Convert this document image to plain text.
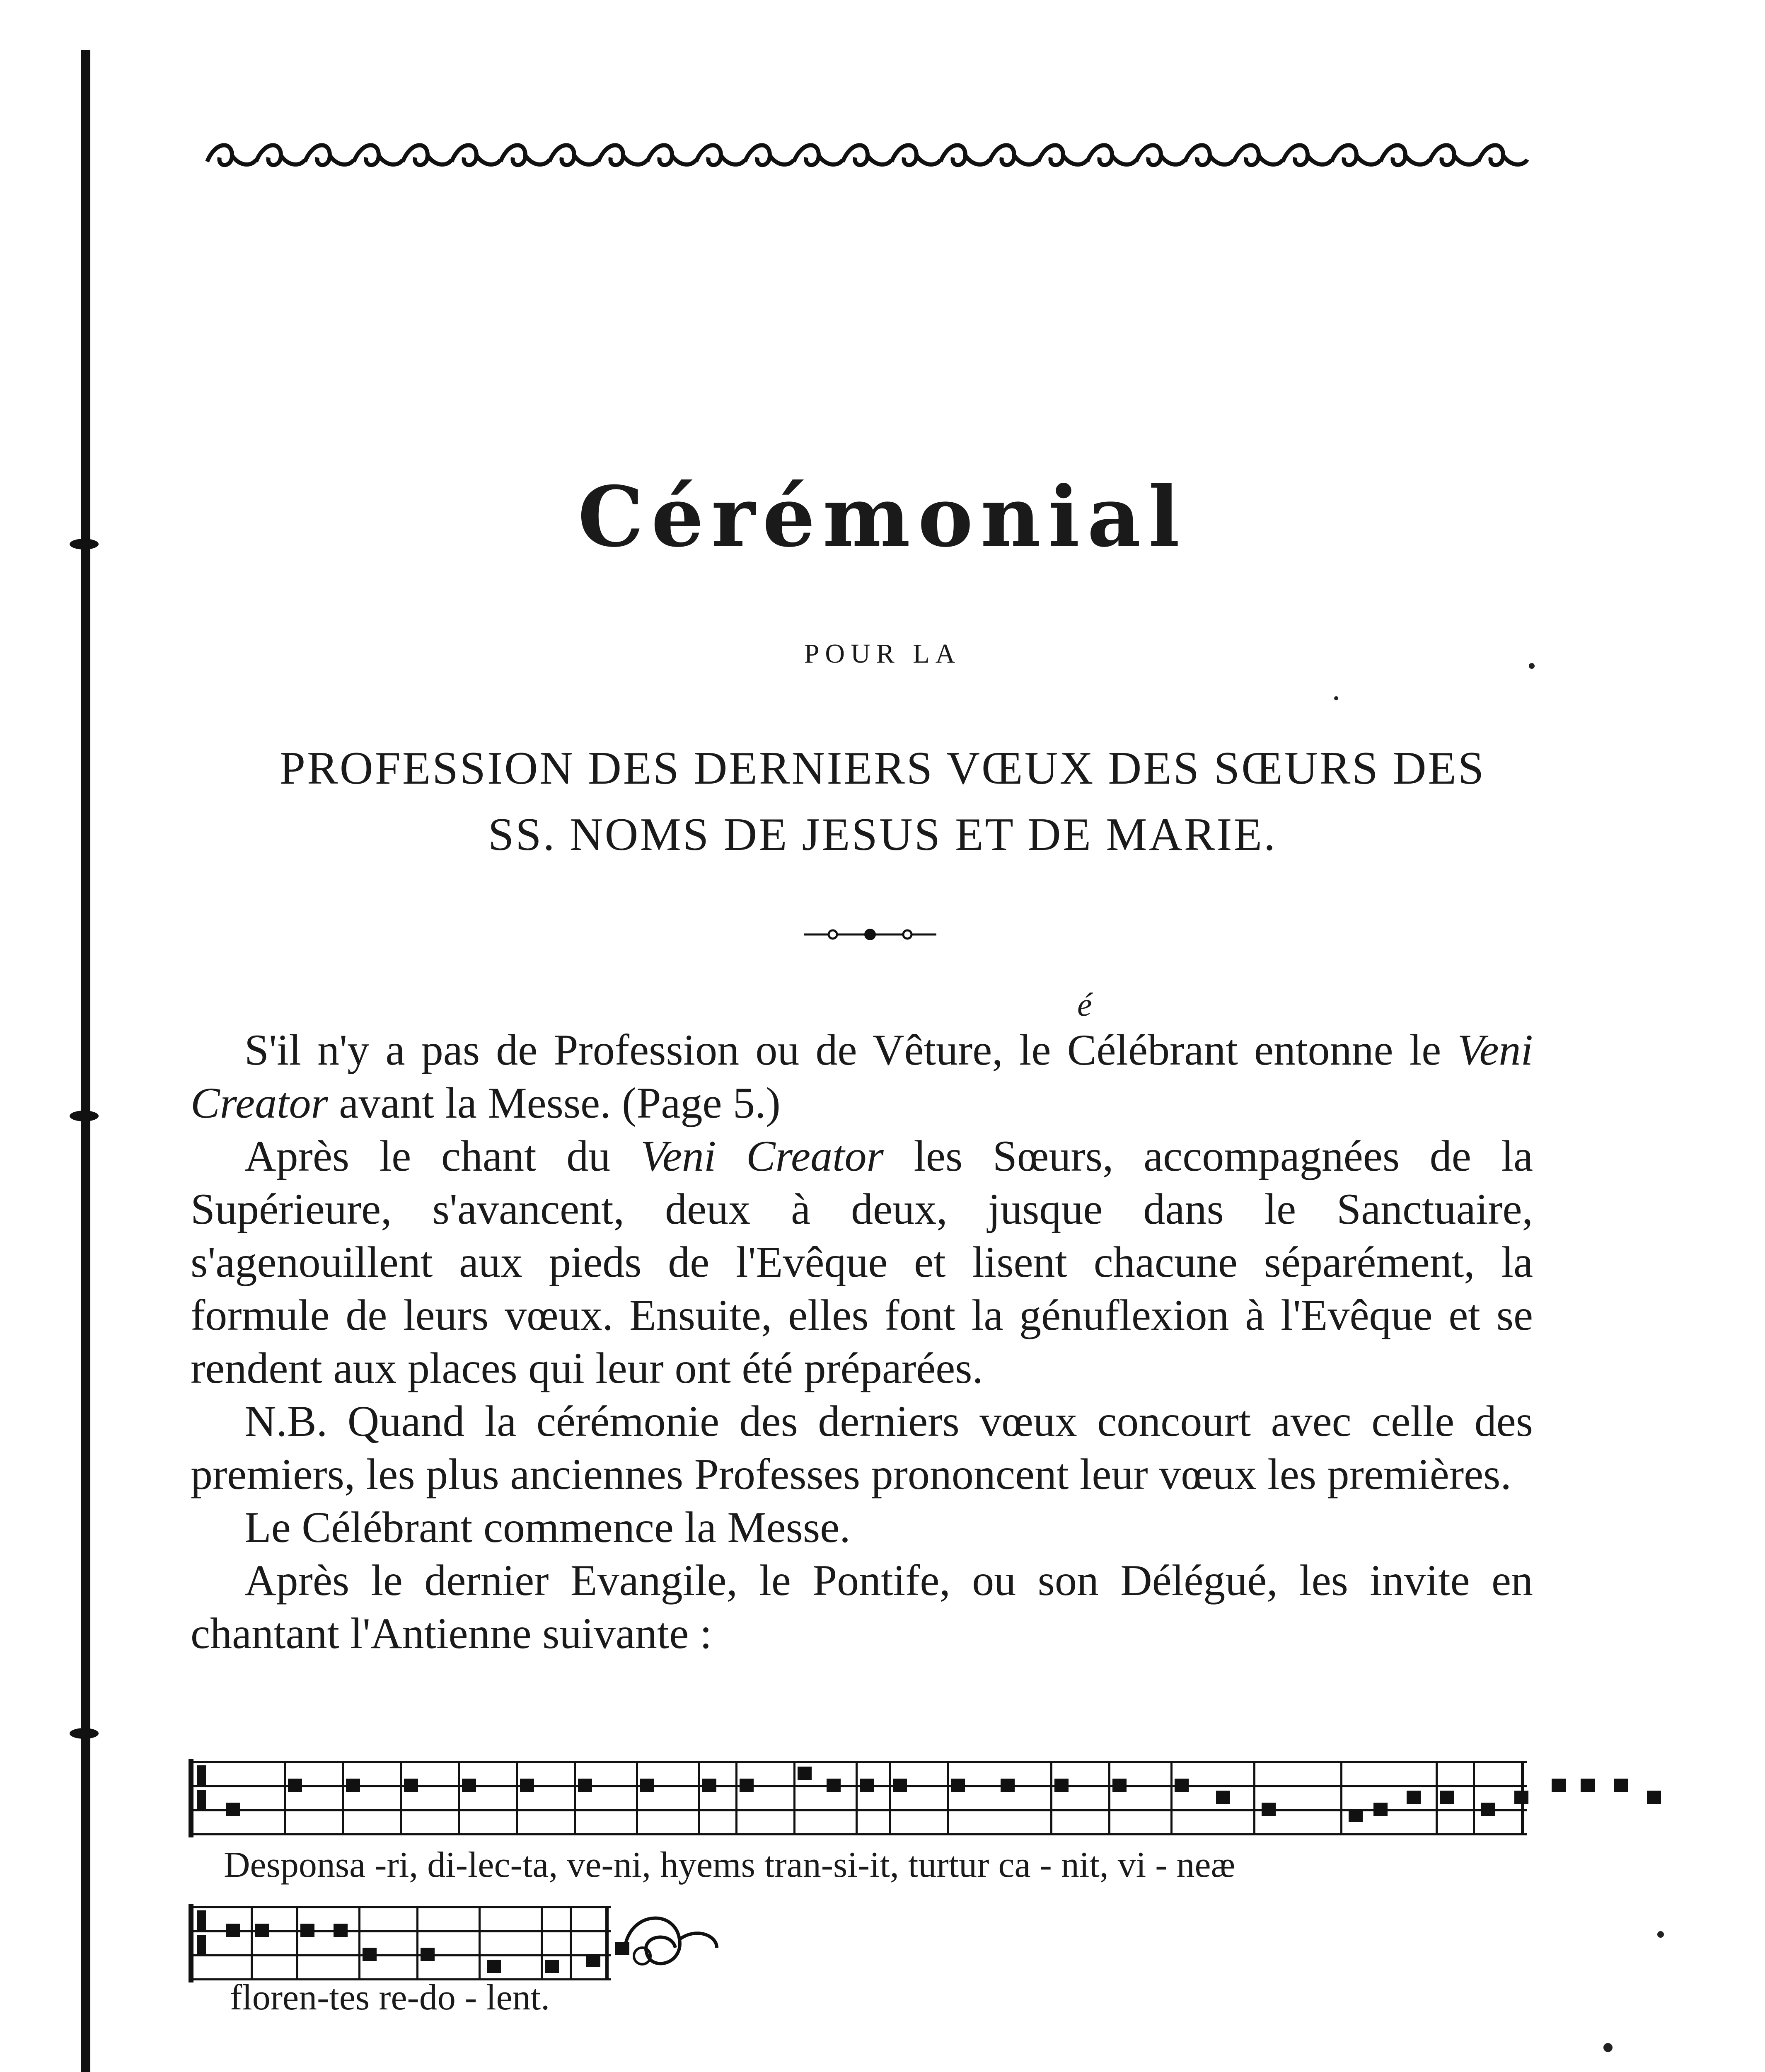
Cérémonial
POUR LA
PROFESSION DES DERNIERS VŒUX DES SŒURS DES
SS. NOMS DE JESUS ET DE MARIE.
é

S'il n'y a pas de Profession ou de Vêture, le Célébrant entonne le Veni Creator avant la Messe. (Page 5.)

Après le chant du Veni Creator les Sœurs, accompagnées de la Supérieure, s'avancent, deux à deux, jusque dans le Sanctuaire, s'agenouillent aux pieds de l'Evêque et lisent chacune séparément, la formule de leurs vœux. Ensuite, elles font la génuflexion à l'Evêque et se rendent aux places qui leur ont été préparées.

N.B. Quand la cérémonie des derniers vœux concourt avec celle des premiers, les plus anciennes Professes prononcent leur vœux les premières.

Le Célébrant commence la Messe.

Après le dernier Evangile, le Pontife, ou son Délégué, les invite en chantant l'Antienne suivante :

Desponsa -ri, di-lec-ta, ve-ni, hyems tran-si-it, turtur ca - nit, vi - neæ
floren-tes re-do - lent.
